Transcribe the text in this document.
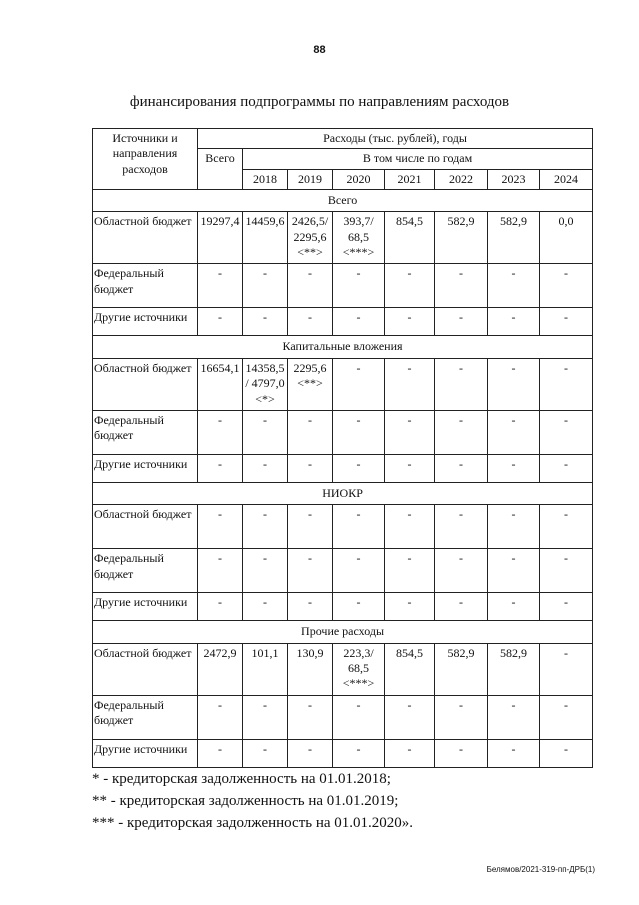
88
финансирования подпрограммы по направлениям расходов
Источники и направления расходов	Расходы (тыс. рублей), годы							
	Всего	В том числе по годам						
		2018	2019	2020	2021	2022	2023	2024
Всего								
Областной бюджет	19297,4	14459,6	2426,5/ 2295,6 <**>	393,7/ 68,5 <***>	854,5	582,9	582,9	0,0
Федеральный бюджет	-	-	-	-	-	-	-	-
Другие источники	-	-	-	-	-	-	-	-
Капитальные вложения								
Областной бюджет	16654,1	14358,5 / 4797,0 <*>	2295,6 <**>	-	-	-	-	-
Федеральный бюджет	-	-	-	-	-	-	-	-
Другие источники	-	-	-	-	-	-	-	-
НИОКР								
Областной бюджет	-	-	-	-	-	-	-	-
Федеральный бюджет	-	-	-	-	-	-	-	-
Другие источники	-	-	-	-	-	-	-	-
Прочие расходы								
Областной бюджет	2472,9	101,1	130,9	223,3/ 68,5 <***>	854,5	582,9	582,9	-
Федеральный бюджет	-	-	-	-	-	-	-	-
Другие источники	-	-	-	-	-	-	-	-
* - кредиторская задолженность на 01.01.2018;
** - кредиторская задолженность на 01.01.2019;
*** - кредиторская задолженность на 01.01.2020».
Белямов/2021-319-пп-ДРБ(1)
